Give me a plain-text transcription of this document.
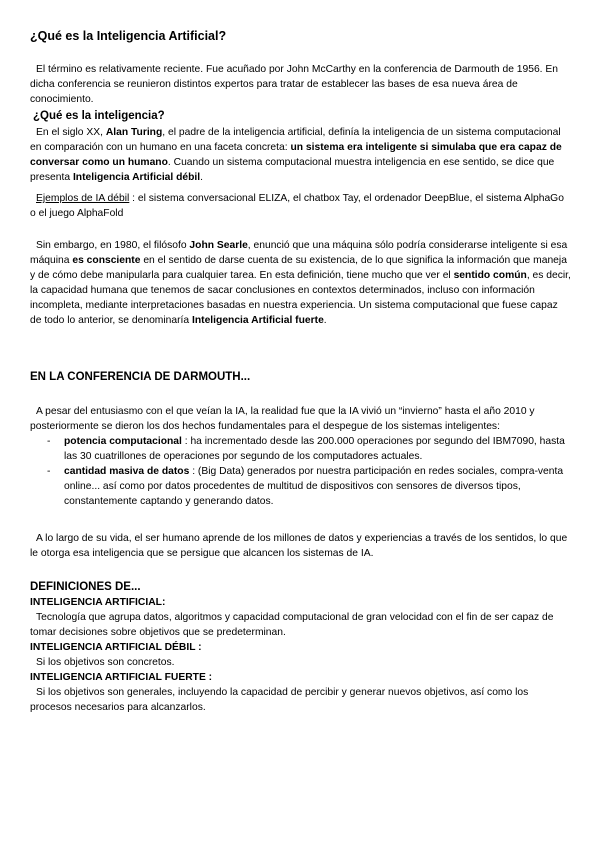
¿Qué es la Inteligencia Artificial?

El término es relativamente reciente. Fue acuñado por John McCarthy en la conferencia de Darmouth de 1956. En dicha conferencia se reunieron distintos expertos para tratar de establecer las bases de esa nueva área de conocimiento.

¿Qué es la inteligencia?

En el siglo XX, Alan Turing, el padre de la inteligencia artificial, definía la inteligencia de un sistema computacional en comparación con un humano en una faceta concreta: un sistema era inteligente si simulaba que era capaz de conversar como un humano. Cuando un sistema computacional muestra inteligencia en ese sentido, se dice que presenta Inteligencia Artificial débil.

Ejemplos de IA débil : el sistema conversacional ELIZA, el chatbox Tay, el ordenador DeepBlue, el sistema AlphaGo o el juego AlphaFold

Sin embargo, en 1980, el filósofo John Searle, enunció que una máquina sólo podría considerarse inteligente si esa máquina es consciente en el sentido de darse cuenta de su existencia, de lo que significa la información que maneja y de cómo debe manipularla para cualquier tarea. En esta definición, tiene mucho que ver el sentido común, es decir, la capacidad humana que tenemos de sacar conclusiones en contextos determinados, incluso con información incompleta, mediante interpretaciones basadas en nuestra experiencia. Un sistema computacional que fuese capaz de todo lo anterior, se denominaría Inteligencia Artificial fuerte.

EN LA CONFERENCIA DE DARMOUTH...

A pesar del entusiasmo con el que veían la IA, la realidad fue que la IA vivió un “invierno” hasta el año 2010 y posteriormente se dieron los dos hechos fundamentales para el despegue de los sistemas inteligentes:

- potencia computacional : ha incrementado desde las 200.000 operaciones por segundo del IBM7090, hasta las 30 cuatrillones de operaciones por segundo de los computadores actuales.
- cantidad masiva de datos : (Big Data) generados por nuestra participación en redes sociales, compra-venta online... así como por datos procedentes de multitud de dispositivos con sensores de diversos tipos, constantemente captando y generando datos.

A lo largo de su vida, el ser humano aprende de los millones de datos y experiencias a través de los sentidos, lo que le otorga esa inteligencia que se persigue que alcancen los sistemas de IA.

DEFINICIONES DE...

INTELIGENCIA ARTIFICIAL:

Tecnología que agrupa datos, algoritmos y capacidad computacional de gran velocidad con el fin de ser capaz de tomar decisiones sobre objetivos que se predeterminan.

INTELIGENCIA ARTIFICIAL DÉBIL :

Si los objetivos son concretos.

INTELIGENCIA ARTIFICIAL FUERTE :

Si los objetivos son generales, incluyendo la capacidad de percibir y generar nuevos objetivos, así como los procesos necesarios para alcanzarlos.
